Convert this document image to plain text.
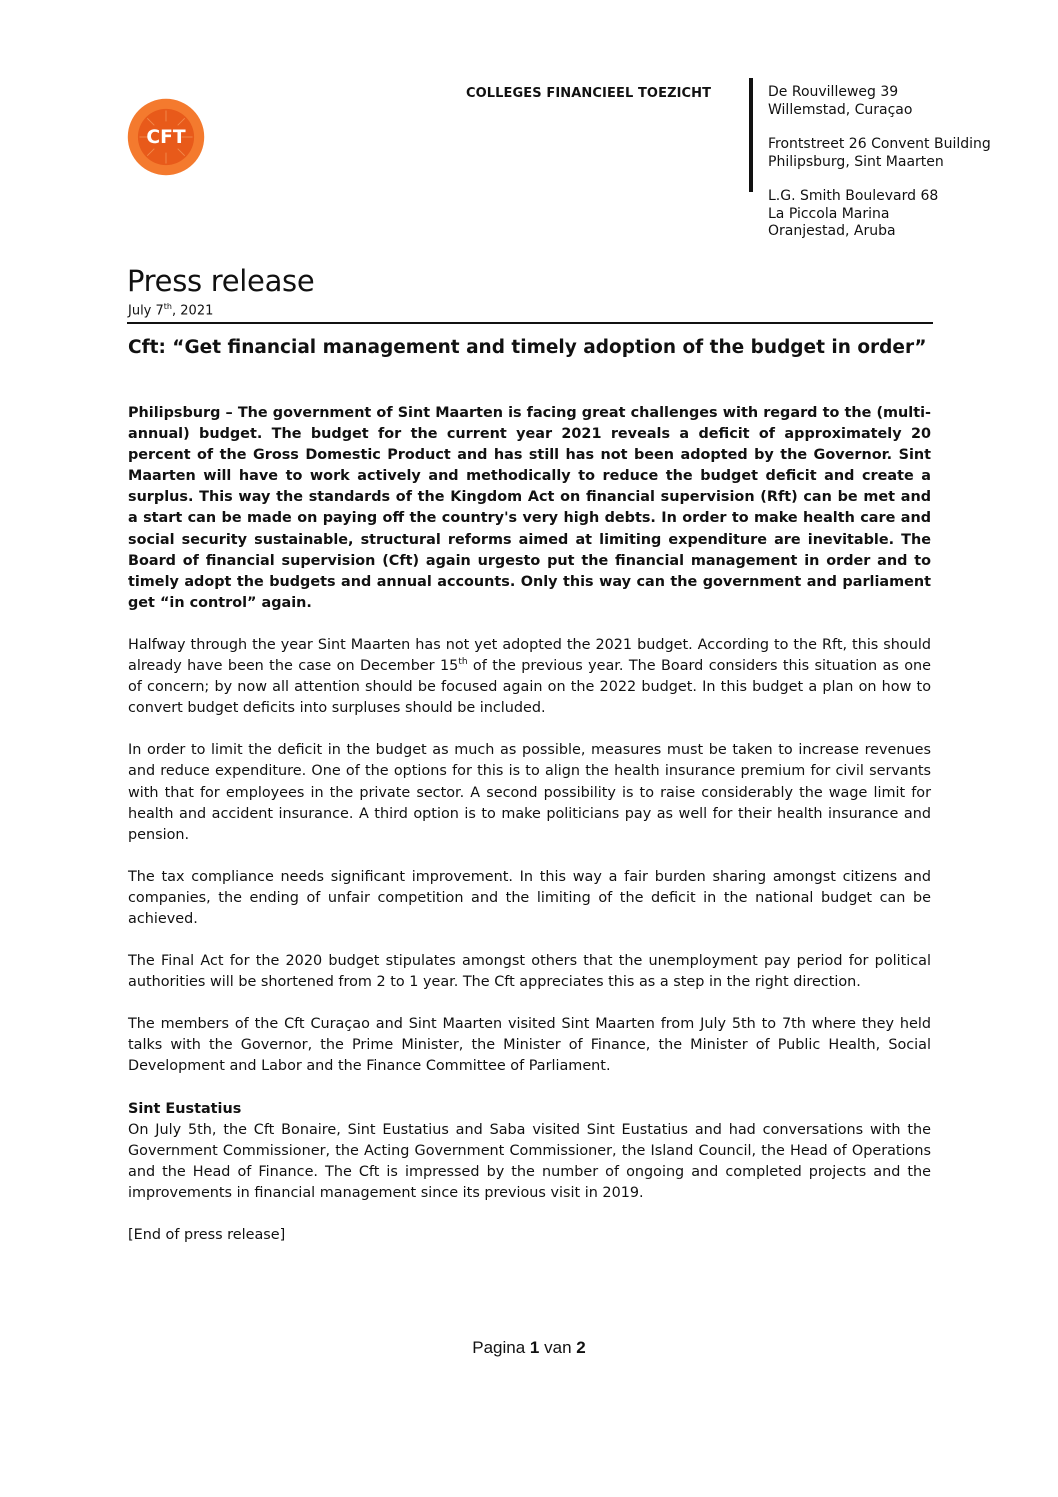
CFT
COLLEGES FINANCIEEL TOEZICHT	De Rouvilleweg 39
Willemstad, Curaçao
Frontstreet 26 Convent Building
Philipsburg, Sint Maarten
L.G. Smith Boulevard 68
La Piccola Marina
Oranjestad, Aruba
Press release
July 7th, 2021
Cft: “Get financial management and timely adoption of the budget in order”

Philipsburg – The government of Sint Maarten is facing great challenges with regard to the (multi-annual) budget. The budget for the current year 2021 reveals a deficit of approximately 20 percent of the Gross Domestic Product and has still has not been adopted by the Governor. Sint Maarten will have to work actively and methodically to reduce the budget deficit and create a surplus. This way the standards of the Kingdom Act on financial supervision (Rft) can be met and a start can be made on paying off the country's very high debts. In order to make health care and social security sustainable, structural reforms aimed at limiting expenditure are inevitable. The Board of financial supervision (Cft) again urgesto put the financial management in order and to timely adopt the budgets and annual accounts. Only this way can the government and parliament get “in control” again.

Halfway through the year Sint Maarten has not yet adopted the 2021 budget. According to the Rft, this should already have been the case on December 15th of the previous year. The Board considers this situation as one of concern; by now all attention should be focused again on the 2022 budget. In this budget a plan on how to convert budget deficits into surpluses should be included.

In order to limit the deficit in the budget as much as possible, measures must be taken to increase revenues and reduce expenditure. One of the options for this is to align the health insurance premium for civil servants with that for employees in the private sector. A second possibility is to raise considerably the wage limit for health and accident insurance. A third option is to make politicians pay as well for their health insurance and pension.

The tax compliance needs significant improvement. In this way a fair burden sharing amongst citizens and companies, the ending of unfair competition and the limiting of the deficit in the national budget can be achieved.

The Final Act for the 2020 budget stipulates amongst others that the unemployment pay period for political authorities will be shortened from 2 to 1 year. The Cft appreciates this as a step in the right direction.

The members of the Cft Curaçao and Sint Maarten visited Sint Maarten from July 5th to 7th where they held talks with the Governor, the Prime Minister, the Minister of Finance, the Minister of Public Health, Social Development and Labor and the Finance Committee of Parliament.

Sint Eustatius
On July 5th, the Cft Bonaire, Sint Eustatius and Saba visited Sint Eustatius and had conversations with the Government Commissioner, the Acting Government Commissioner, the Island Council, the Head of Operations and the Head of Finance. The Cft is impressed by the number of ongoing and completed projects and the improvements in financial management since its previous visit in 2019.

[End of press release]

Pagina 1 van 2
